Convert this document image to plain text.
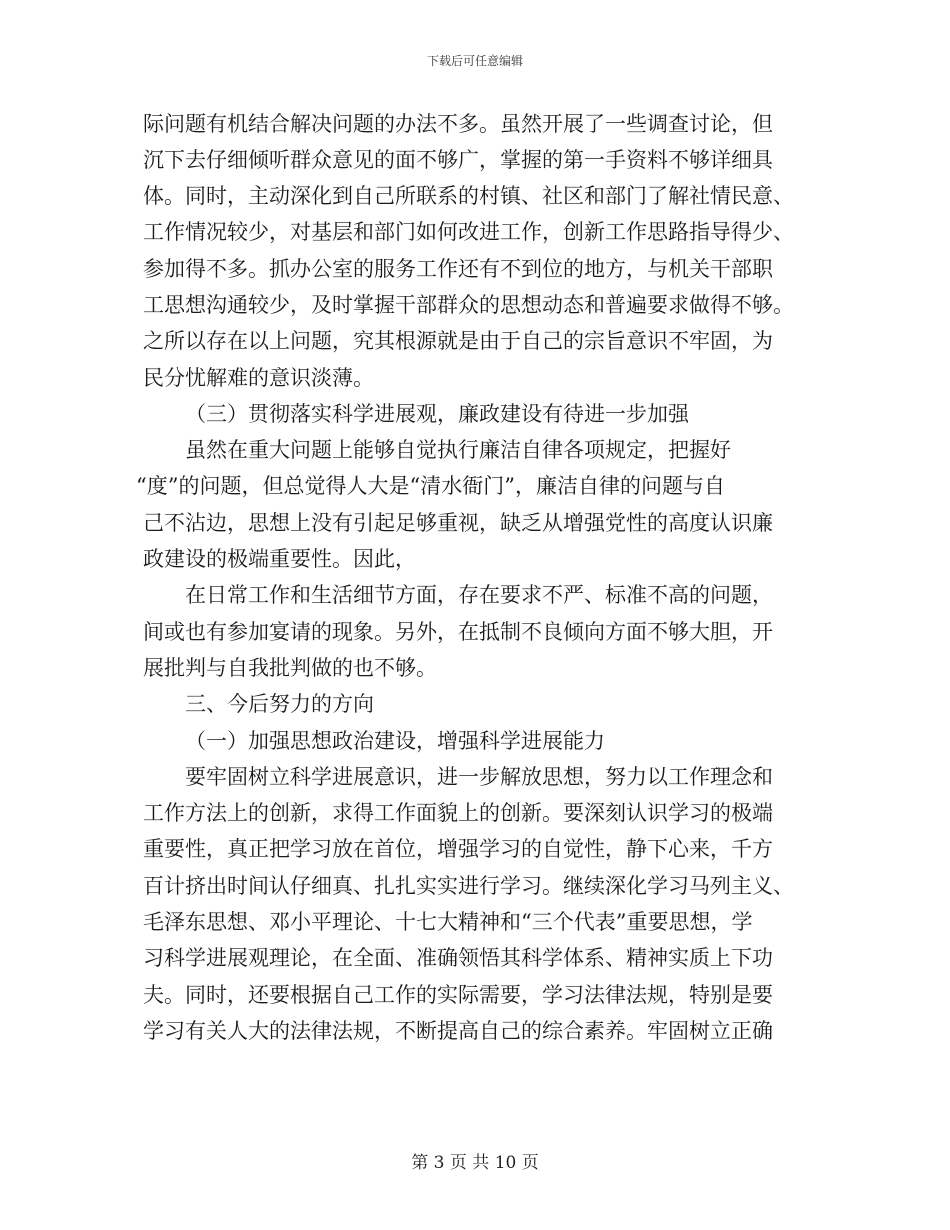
下载后可任意编辑
际问题有机结合解决问题的办法不多。虽然开展了一些调查讨论，但
沉下去仔细倾听群众意见的面不够广，掌握的第一手资料不够详细具
体。同时，主动深化到自己所联系的村镇、社区和部门了解社情民意、
工作情况较少，对基层和部门如何改进工作，创新工作思路指导得少、
参加得不多。抓办公室的服务工作还有不到位的地方，与机关干部职
工思想沟通较少，及时掌握干部群众的思想动态和普遍要求做得不够。
之所以存在以上问题，究其根源就是由于自己的宗旨意识不牢固，为
民分忧解难的意识淡薄。
（三）贯彻落实科学进展观，廉政建设有待进一步加强
虽然在重大问题上能够自觉执行廉洁自律各项规定，把握好
“度”的问题，但总觉得人大是“清水衙门”，廉洁自律的问题与自
己不沾边，思想上没有引起足够重视，缺乏从增强党性的高度认识廉
政建设的极端重要性。因此，
在日常工作和生活细节方面，存在要求不严、标准不高的问题，
间或也有参加宴请的现象。另外，在抵制不良倾向方面不够大胆，开
展批判与自我批判做的也不够。
三、今后努力的方向
（一）加强思想政治建设，增强科学进展能力
要牢固树立科学进展意识，进一步解放思想，努力以工作理念和
工作方法上的创新，求得工作面貌上的创新。要深刻认识学习的极端
重要性，真正把学习放在首位，增强学习的自觉性，静下心来，千方
百计挤出时间认仔细真、扎扎实实进行学习。继续深化学习马列主义、
毛泽东思想、邓小平理论、十七大精神和“三个代表”重要思想，学
习科学进展观理论，在全面、准确领悟其科学体系、精神实质上下功
夫。同时，还要根据自己工作的实际需要，学习法律法规，特别是要
学习有关人大的法律法规，不断提高自己的综合素养。牢固树立正确
第 3 页 共 10 页
